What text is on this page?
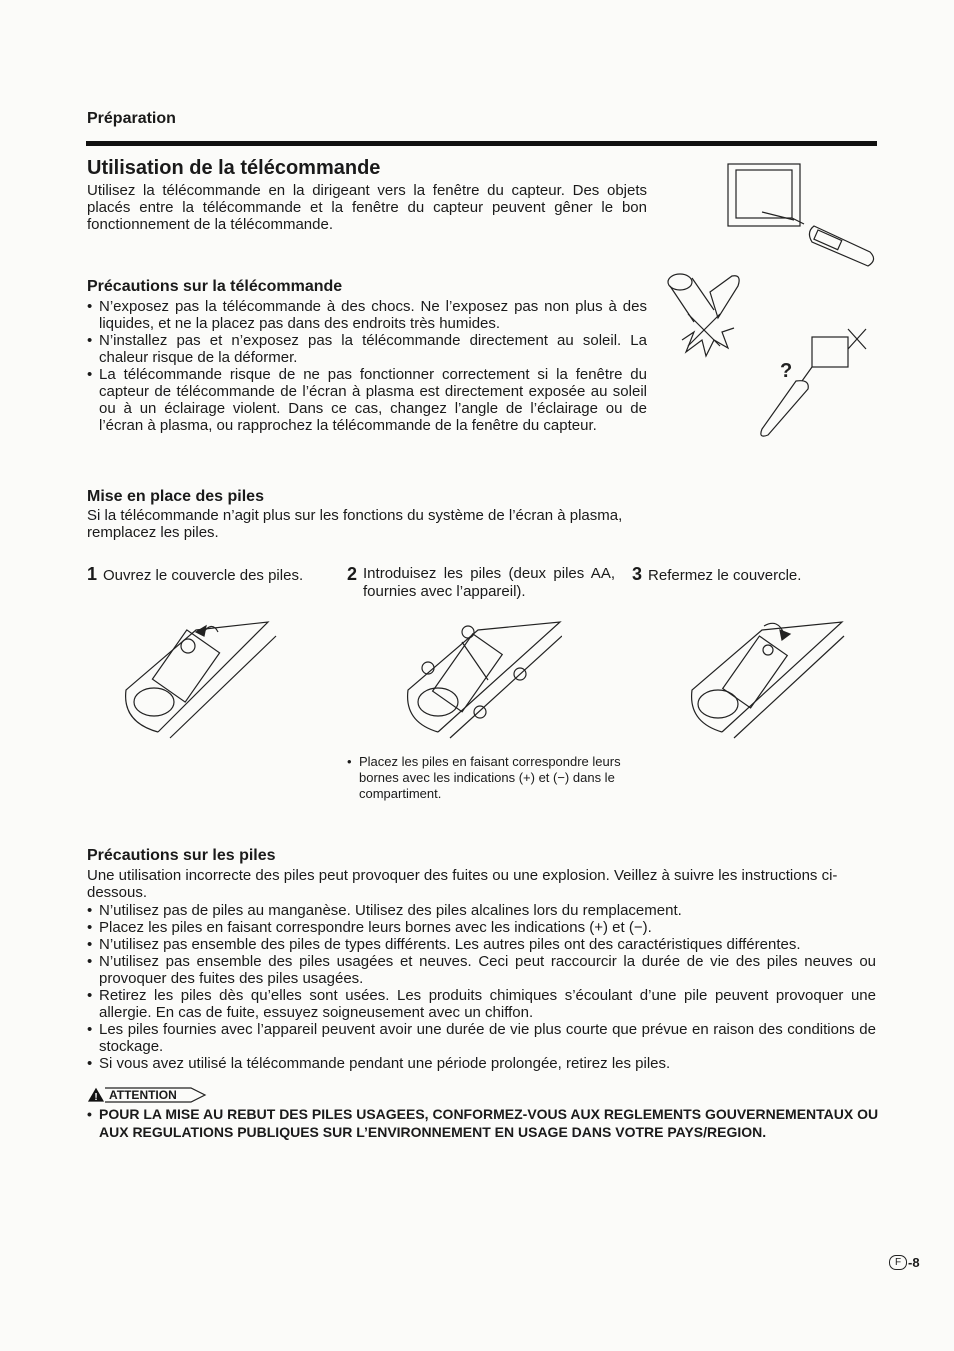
Préparation
Utilisation de la télécommande
Utilisez la télécommande en la dirigeant vers la fenêtre du capteur. Des objets placés entre la télécommande et la fenêtre du capteur peuvent gêner le bon fonctionnement de la télécommande.
?
Précautions sur la télécommande
• N’exposez pas la télécommande à des chocs. Ne l’exposez pas non plus à des liquides, et ne la placez pas dans des endroits très humides.
• N’installez pas et n’exposez pas la télécommande directement au soleil. La chaleur risque de la déformer.
• La télécommande risque de ne pas fonctionner correctement si la fenêtre du capteur de télécommande de l’écran à plasma est directement exposée au soleil ou à un éclairage violent. Dans ce cas, changez l’angle de l’éclairage ou de l’écran à plasma, ou rapprochez la télécommande de la fenêtre du capteur.
Mise en place des piles
Si la télécommande n’agit plus sur les fonctions du système de l’écran à plasma, remplacez les piles.
1 Ouvrez le couvercle des piles.	2 Introduisez les piles (deux piles AA, fournies avec l’appareil).
3 Refermez le couvercle.
• Placez les piles en faisant correspondre leurs bornes avec les indications (+) et (−) dans le compartiment.
Précautions sur les piles
Une utilisation incorrecte des piles peut provoquer des fuites ou une explosion. Veillez à suivre les instructions ci-dessous.
• N’utilisez pas de piles au manganèse. Utilisez des piles alcalines lors du remplacement.
• Placez les piles en faisant correspondre leurs bornes avec les indications (+) et (−).
• N’utilisez pas ensemble des piles de types différents. Les autres piles ont des caractéristiques différentes.
• N’utilisez pas ensemble des piles usagées et neuves. Ceci peut raccourcir la durée de vie des piles neuves ou provoquer des fuites des piles usagées.
• Retirez les piles dès qu’elles sont usées. Les produits chimiques s’écoulant d’une pile peuvent provoquer une allergie. En cas de fuite, essuyez soigneusement avec un chiffon.
• Les piles fournies avec l’appareil peuvent avoir une durée de vie plus courte que prévue en raison des conditions de stockage.
• Si vous avez utilisé la télécommande pendant une période prolongée, retirez les piles.
! ATTENTION
• POUR LA MISE AU REBUT DES PILES USAGEES, CONFORMEZ-VOUS AUX REGLEMENTS GOUVERNEMENTAUX OU AUX REGULATIONS PUBLIQUES SUR L’ENVIRONNEMENT EN USAGE DANS VOTRE PAYS/REGION.
F -8
